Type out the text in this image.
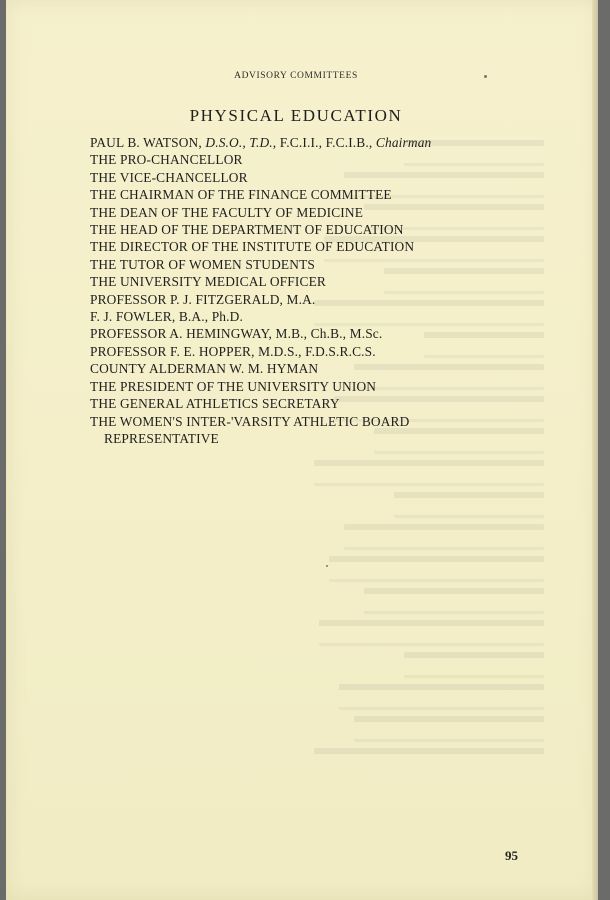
ADVISORY COMMITTEES
PHYSICAL EDUCATION
PAUL B. WATSON, D.S.O., T.D., F.C.I.I., F.C.I.B., Chairman
THE PRO-CHANCELLOR
THE VICE-CHANCELLOR
THE CHAIRMAN OF THE FINANCE COMMITTEE
THE DEAN OF THE FACULTY OF MEDICINE
THE HEAD OF THE DEPARTMENT OF EDUCATION
THE DIRECTOR OF THE INSTITUTE OF EDUCATION
THE TUTOR OF WOMEN STUDENTS
THE UNIVERSITY MEDICAL OFFICER
PROFESSOR P. J. FITZGERALD, M.A.
F. J. FOWLER, B.A., Ph.D.
PROFESSOR A. HEMINGWAY, M.B., Ch.B., M.Sc.
PROFESSOR F. E. HOPPER, M.D.S., F.D.S.R.C.S.
COUNTY ALDERMAN W. M. HYMAN
THE PRESIDENT OF THE UNIVERSITY UNION
THE GENERAL ATHLETICS SECRETARY
THE WOMEN'S INTER-'VARSITY ATHLETIC BOARD
REPRESENTATIVE
95
